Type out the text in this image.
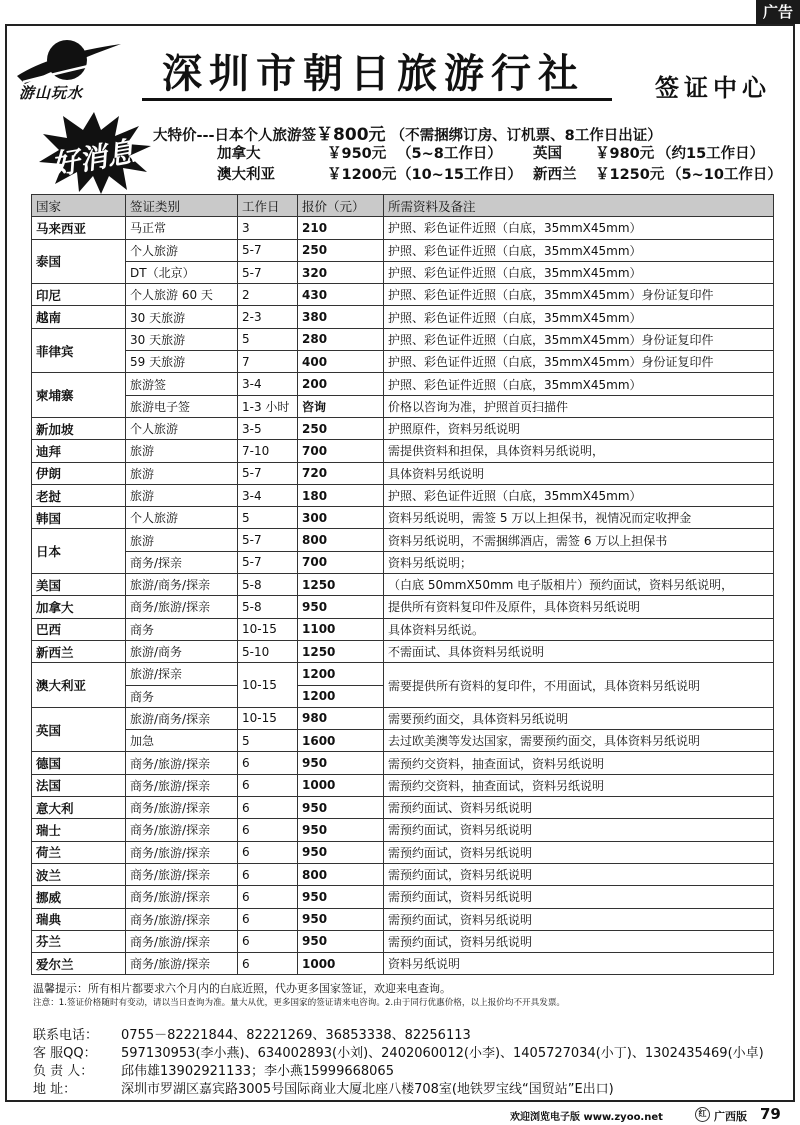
广告
游山玩水 深圳市朝日旅游行社	签证中心
好消息 大特价---日本个人旅游签￥800元 （不需捆绑订房、订机票、8工作日出证）
加拿大	￥950元 （5~8工作日） 英国 ￥980元 （约15工作日）
澳大利亚	￥1200元（10~15工作日） 新西兰 ￥1250元 （5~10工作日）
国家	签证类别	工作日	报价（元）	所需资料及备注
马来西亚	马正常	3	210	护照、彩色证件近照（白底，35mmX45mm）
泰国	个人旅游	5-7	250	护照、彩色证件近照（白底，35mmX45mm）
	DT（北京）	5-7	320	护照、彩色证件近照（白底，35mmX45mm）
印尼	个人旅游 60 天	2	430	护照、彩色证件近照（白底，35mmX45mm）身份证复印件
越南	30 天旅游	2-3	380	护照、彩色证件近照（白底，35mmX45mm）
菲律宾	30 天旅游	5	280	护照、彩色证件近照（白底，35mmX45mm）身份证复印件
	59 天旅游	7	400	护照、彩色证件近照（白底，35mmX45mm）身份证复印件
柬埔寨	旅游签	3-4	200	护照、彩色证件近照（白底，35mmX45mm）
	旅游电子签	1-3 小时	咨询	价格以咨询为准，护照首页扫描件
新加坡	个人旅游	3-5	250	护照原件，资料另纸说明
迪拜	旅游	7-10	700	需提供资料和担保，具体资料另纸说明，
伊朗	旅游	5-7	720	具体资料另纸说明
老挝	旅游	3-4	180	护照、彩色证件近照（白底，35mmX45mm）
韩国	个人旅游	5	300	资料另纸说明，需签 5 万以上担保书，视情况而定收押金
日本	旅游	5-7	800	资料另纸说明，不需捆绑酒店，需签 6 万以上担保书
	商务/探亲	5-7	700	资料另纸说明；
美国	旅游/商务/探亲	5-8	1250	（白底 50mmX50mm 电子版相片）预约面试，资料另纸说明，
加拿大	商务/旅游/探亲	5-8	950	提供所有资料复印件及原件，具体资料另纸说明
巴西	商务	10-15	1100	具体资料另纸说。
新西兰	旅游/商务	5-10	1250	不需面试、具体资料另纸说明
澳大利亚	旅游/探亲	10-15	1200	需要提供所有资料的复印件，不用面试，具体资料另纸说明
	商务		1200	
英国	旅游/商务/探亲	10-15	980	需要预约面交，具体资料另纸说明
	加急	5	1600	去过欧美澳等发达国家，需要预约面交，具体资料另纸说明
德国	商务/旅游/探亲	6	950	需预约交资料，抽查面试，资料另纸说明
法国	商务/旅游/探亲	6	1000	需预约交资料，抽查面试，资料另纸说明
意大利	商务/旅游/探亲	6	950	需预约面试、资料另纸说明
瑞士	商务/旅游/探亲	6	950	需预约面试，资料另纸说明
荷兰	商务/旅游/探亲	6	950	需预约面试，资料另纸说明
波兰	商务/旅游/探亲	6	800	需预约面试，资料另纸说明
挪威	商务/旅游/探亲	6	950	需预约面试，资料另纸说明
瑞典	商务/旅游/探亲	6	950	需预约面试，资料另纸说明
芬兰	商务/旅游/探亲	6	950	需预约面试，资料另纸说明
爱尔兰	商务/旅游/探亲	6	1000	资料另纸说明
温馨提示：所有相片都要求六个月内的白底近照，代办更多国家签证，欢迎来电查询。
注意：1.签证价格随时有变动，请以当日查询为准。量大从优，更多国家的签证请来电咨询。2.由于同行优惠价格，以上报价均不开具发票。
联系电话： 0755－82221844、82221269、36853338、82256113
客 服QQ： 597130953(李小燕)、634002893(小刘)、2402060012(小李)、1405727034(小丁)、1302435469(小卓)
负 责 人： 邱伟雄13902921133；李小燕15999668065
地 址：	深圳市罗湖区嘉宾路3005号国际商业大厦北座八楼708室(地铁罗宝线“国贸站”E出口)
欢迎浏览电子版 www.zyoo.net	红 广西版 79
